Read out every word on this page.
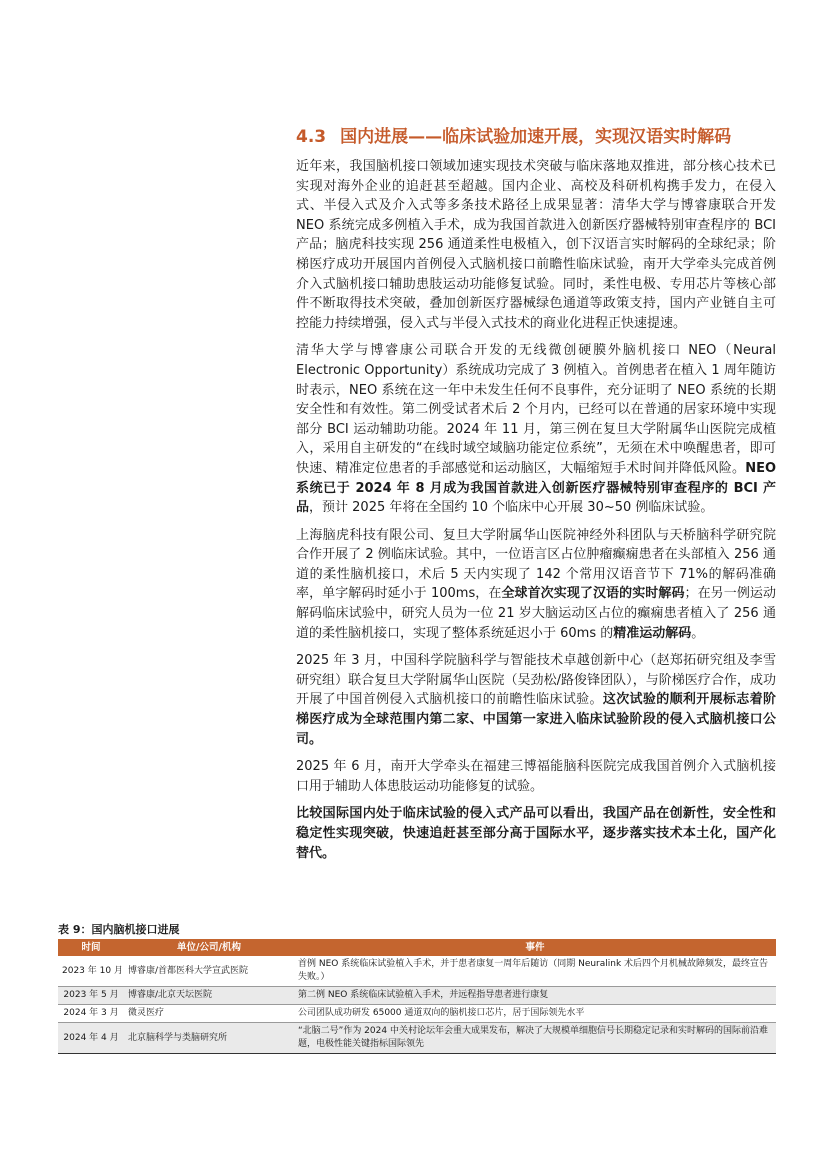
4.3 国内进展——临床试验加速开展，实现汉语实时解码

近年来，我国脑机接口领域加速实现技术突破与临床落地双推进，部分核心技术已实现对海外企业的追赶甚至超越。国内企业、高校及科研机构携手发力，在侵入式、半侵入式及介入式等多条技术路径上成果显著：清华大学与博睿康联合开发 NEO 系统完成多例植入手术，成为我国首款进入创新医疗器械特别审查程序的 BCI 产品；脑虎科技实现 256 通道柔性电极植入，创下汉语言实时解码的全球纪录；阶梯医疗成功开展国内首例侵入式脑机接口前瞻性临床试验，南开大学牵头完成首例介入式脑机接口辅助患肢运动功能修复试验。同时，柔性电极、专用芯片等核心部件不断取得技术突破，叠加创新医疗器械绿色通道等政策支持，国内产业链自主可控能力持续增强，侵入式与半侵入式技术的商业化进程正快速提速。

清华大学与博睿康公司联合开发的无线微创硬膜外脑机接口 NEO（Neural Electronic Opportunity）系统成功完成了 3 例植入。首例患者在植入 1 周年随访时表示，NEO 系统在这一年中未发生任何不良事件，充分证明了 NEO 系统的长期安全性和有效性。第二例受试者术后 2 个月内，已经可以在普通的居家环境中实现部分 BCI 运动辅助功能。2024 年 11 月，第三例在复旦大学附属华山医院完成植入，采用自主研发的“在线时域空域脑功能定位系统”，无须在术中唤醒患者，即可快速、精准定位患者的手部感觉和运动脑区，大幅缩短手术时间并降低风险。NEO 系统已于 2024 年 8 月成为我国首款进入创新医疗器械特别审查程序的 BCI 产品，预计 2025 年将在全国约 10 个临床中心开展 30~50 例临床试验。

上海脑虎科技有限公司、复旦大学附属华山医院神经外科团队与天桥脑科学研究院合作开展了 2 例临床试验。其中，一位语言区占位肿瘤癫痫患者在头部植入 256 通道的柔性脑机接口，术后 5 天内实现了 142 个常用汉语音节下 71%的解码准确率，单字解码时延小于 100ms，在全球首次实现了汉语的实时解码；在另一例运动解码临床试验中，研究人员为一位 21 岁大脑运动区占位的癫痫患者植入了 256 通道的柔性脑机接口，实现了整体系统延迟小于 60ms 的精准运动解码。

2025 年 3 月，中国科学院脑科学与智能技术卓越创新中心（赵郑拓研究组及李雪研究组）联合复旦大学附属华山医院（吴劲松/路俊锋团队），与阶梯医疗合作，成功开展了中国首例侵入式脑机接口的前瞻性临床试验。这次试验的顺利开展标志着阶梯医疗成为全球范围内第二家、中国第一家进入临床试验阶段的侵入式脑机接口公司。

2025 年 6 月，南开大学牵头在福建三博福能脑科医院完成我国首例介入式脑机接口用于辅助人体患肢运动功能修复的试验。

比较国际国内处于临床试验的侵入式产品可以看出，我国产品在创新性，安全性和稳定性实现突破，快速追赶甚至部分高于国际水平，逐步落实技术本土化，国产化替代。

表 9：国内脑机接口进展

时间	单位/公司/机构	事件
2023 年 10 月	博睿康/首都医科大学宣武医院	首例 NEO 系统临床试验植入手术，并于患者康复一周年后随访（同期 Neuralink 术后四个月机械故障频发，最终宣告失败。）
2023 年 5 月	博睿康/北京天坛医院	第二例 NEO 系统临床试验植入手术，并远程指导患者进行康复
2024 年 3 月	微灵医疗	公司团队成功研发 65000 通道双向的脑机接口芯片，居于国际领先水平
2024 年 4 月	北京脑科学与类脑研究所	“北脑二号”作为 2024 中关村论坛年会重大成果发布，解决了大规模单细胞信号长期稳定记录和实时解码的国际前沿难题，电极性能关键指标国际领先
